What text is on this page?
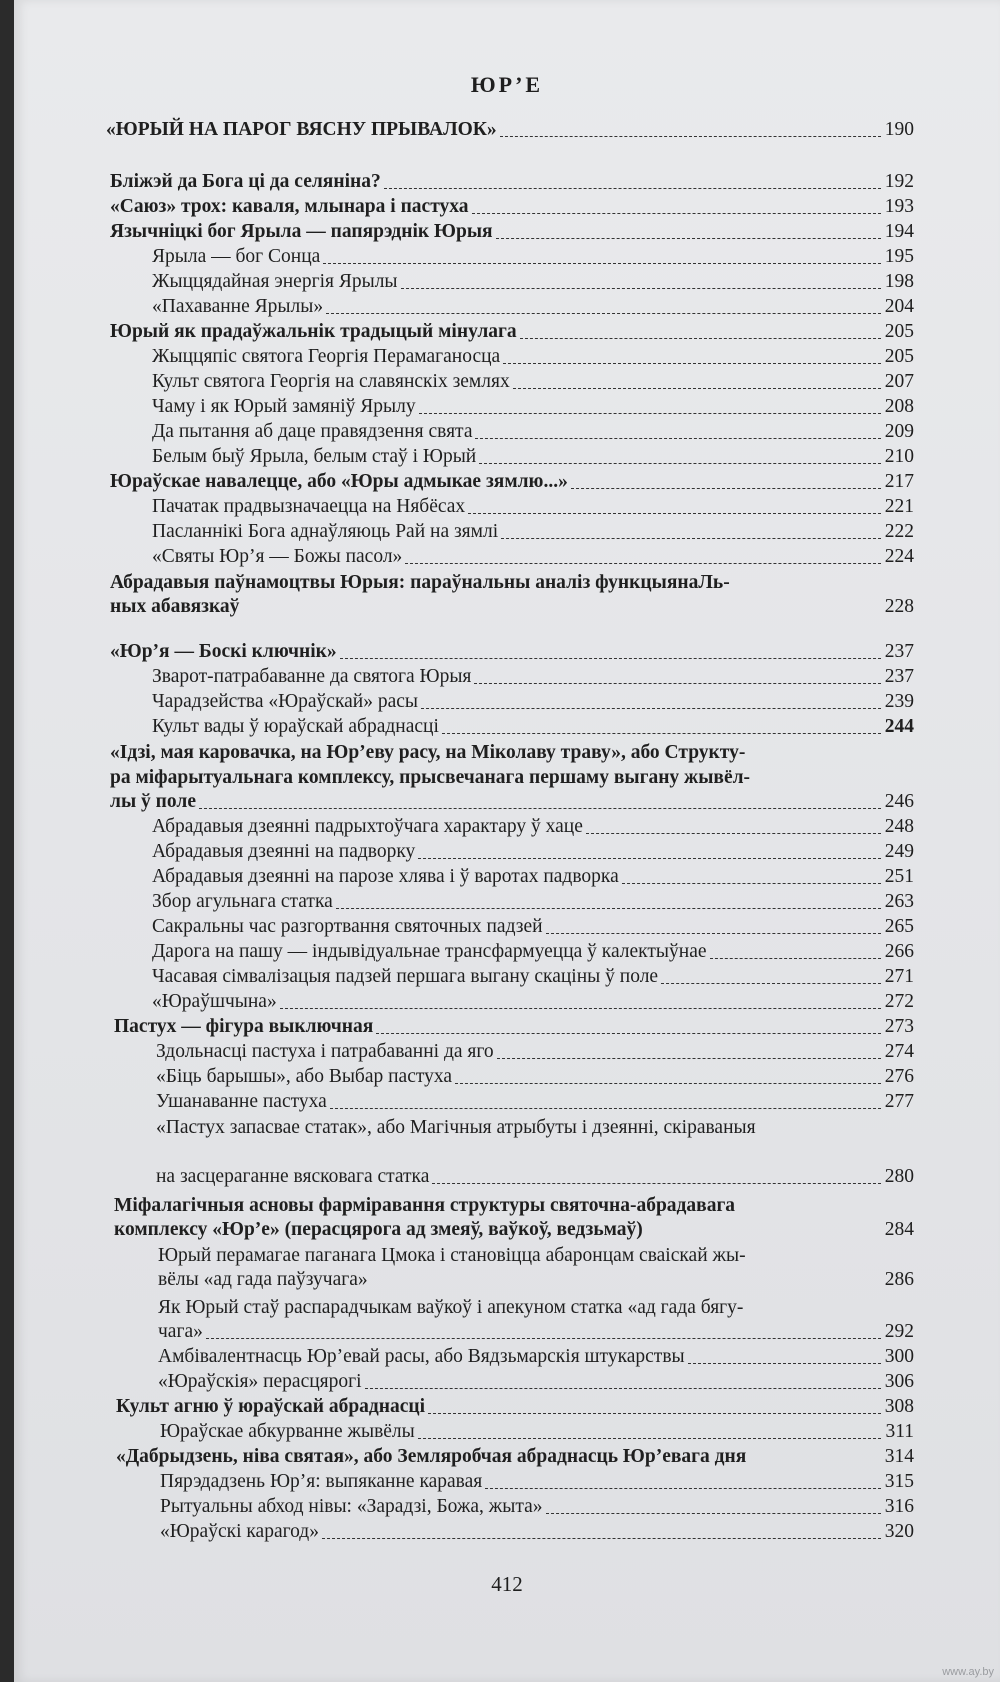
ЮР’Е
«ЮРЫЙ НА ПАРОГ ВЯСНУ ПРЫВАЛОК»	190
Бліжэй да Бога ці да селяніна?	192
«Саюз» трох: каваля, млынара і пастуха	193
Язычніцкі бог Ярыла — папярэднік Юрыя	194
Ярыла — бог Сонца	195
Жыццядайная энергія Ярылы	198
«Пахаванне Ярылы»	204
Юрый як прадаўжальнік традыцый мінулага	205
Жыццяпіс святога Георгія Перамаганосца	205
Культ святога Георгія на славянскіх землях	207
Чаму і як Юрый замяніў Ярылу	208
Да пытання аб даце правядзення свята	209
Белым быў Ярыла, белым стаў і Юрый	210
Юраўскае навалецце, або «Юры адмыкае зямлю...»	217
Пачатак прадвызначаецца на Нябёсах	221
Пасланнікі Бога аднаўляюць Рай на зямлі	222
«Святы Юр’я — Божы пасол»	224
Абрадавыя паўнамоцтвы Юрыя: параўнальны аналіз функцыянаЛь-
ных абавязкаў	228
«Юр’я — Боскі ключнік»	237
Зварот-патрабаванне да святога Юрыя	237
Чарадзейства «Юраўскай» расы	239
Культ вады ў юраўскай абраднасці	244
«Ідзі, мая каровачка, на Юр’еву расу, на Міколаву траву», або Структу-
ра міфарытуальнага комплексу, прысвечанага першаму выгану жывёл-
лы ў поле	246
Абрадавыя дзеянні падрыхтоўчага характару ў хаце	248
Абрадавыя дзеянні на падворку	249
Абрадавыя дзеянні на парозе хлява і ў варотах падворка	251
Збор агульнага статка	263
Сакральны час разгортвання святочных падзей	265
Дарога на пашу — індывідуальнае трансфармуецца ў калектыўнае	266
Часавая сімвалізацыя падзей першага выгану скаціны ў поле	271
«Юраўшчына»	272
Пастух — фігура выключная	273
Здольнасці пастуха і патрабаванні да яго	274
«Біць барышы», або Выбар пастуха	276
Ушанаванне пастуха	277
«Пастух запасвае статак», або Магічныя атрыбуты і дзеянні, скіраваныя
на засцераганне вясковага статка	280
Міфалагічныя асновы фарміравання структуры святочна-абрадавага
комплексу «Юр’е» (перасцярога ад змеяў, ваўкоў, ведзьмаў)	284
Юрый перамагае паганага Цмока і становіцца абаронцам сваіскай жы-
вёлы «ад гада паўзучага»	286
Як Юрый стаў распарадчыкам ваўкоў і апекуном статка «ад гада бягу-
чага»	292
Амбівалентнасць Юр’евай расы, або Вядзьмарскія штукарствы	300
«Юраўскія» перасцярогі	306
Культ агню ў юраўскай абраднасці	308
Юраўскае абкурванне жывёлы	311
«Дабрыдзень, ніва святая», або Земляробчая абраднасць Юр’евага дня	314
Пярэдадзень Юр’я: выпяканне каравая	315
Рытуальны абход нівы: «Зарадзі, Божа, жыта»	316
«Юраўскі карагод»	320
412
www.ay.by
